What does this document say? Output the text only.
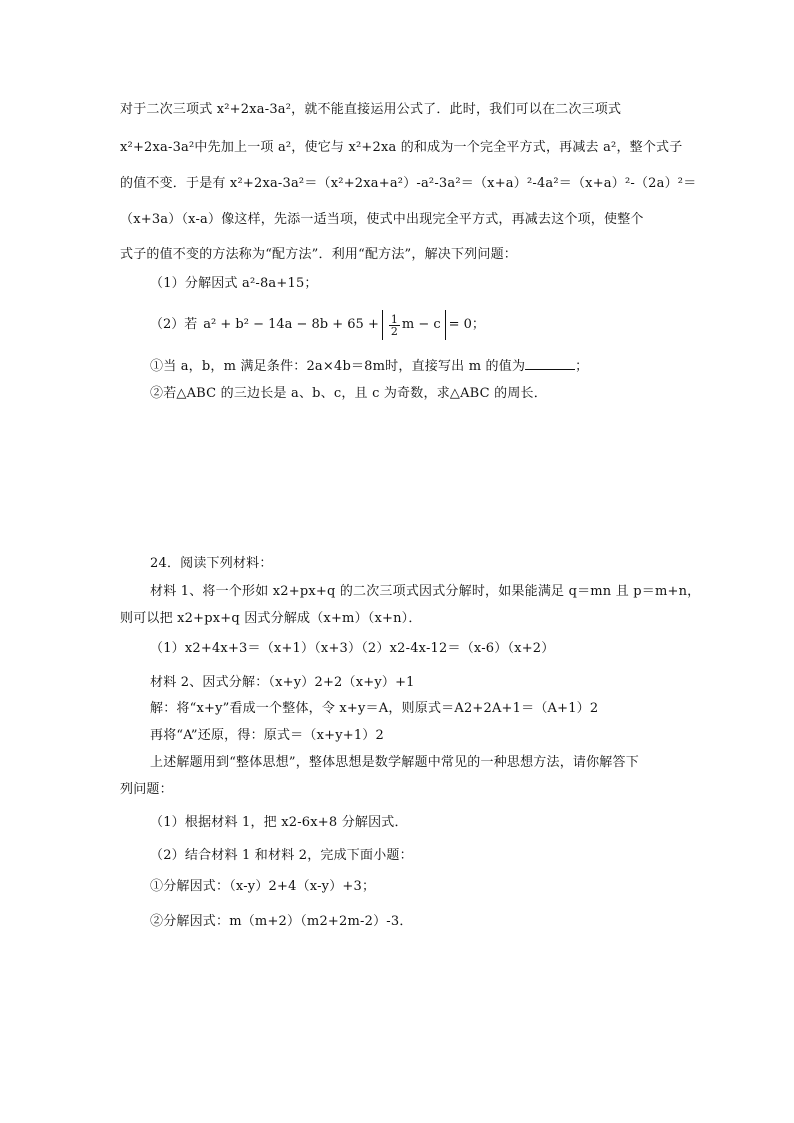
对于二次三项式 x²+2xa-3a²，就不能直接运用公式了．此时，我们可以在二次三项式
x²+2xa-3a²中先加上一项 a²，使它与 x²+2xa 的和成为一个完全平方式，再减去 a²，整个式子
的值不变．于是有 x²+2xa-3a²＝（x²+2xa+a²）-a²-3a²＝（x+a）²-4a²＝（x+a）²-（2a）²＝
（x+3a）（x-a）像这样，先添一适当项，使式中出现完全平方式，再减去这个项，使整个
式子的值不变的方法称为“配方法”．利用“配方法”，解决下列问题：
（1）分解因式 a²-8a+15；
（2）若 $a^2 + b^2 - 14a - 8b + 65 + \frac{1}{2}$ m − c = 0；
①当 a，b，m 满足条件：2a×4b＝8m时，直接写出 m 的值为	；
②若△ABC 的三边长是 a、b、c，且 c 为奇数，求△ABC 的周长．
24．阅读下列材料：
材料 1、将一个形如 x2+px+q 的二次三项式因式分解时，如果能满足 q＝mn 且 p＝m+n，
则可以把 x2+px+q 因式分解成（x+m）（x+n）．
（1）x2+4x+3＝（x+1）（x+3）（2）x2-4x-12＝（x-6）（x+2）
材料 2、因式分解：（x+y）2+2（x+y）+1
解：将“x+y”看成一个整体，令 x+y＝A，则原式＝A2+2A+1＝（A+1）2
再将“A”还原，得：原式＝（x+y+1）2
上述解题用到“整体思想”，整体思想是数学解题中常见的一种思想方法，请你解答下
列问题：
（1）根据材料 1，把 x2-6x+8 分解因式．
（2）结合材料 1 和材料 2，完成下面小题：
①分解因式：（x-y）2+4（x-y）+3；
②分解因式：m（m+2）（m2+2m-2）-3．
